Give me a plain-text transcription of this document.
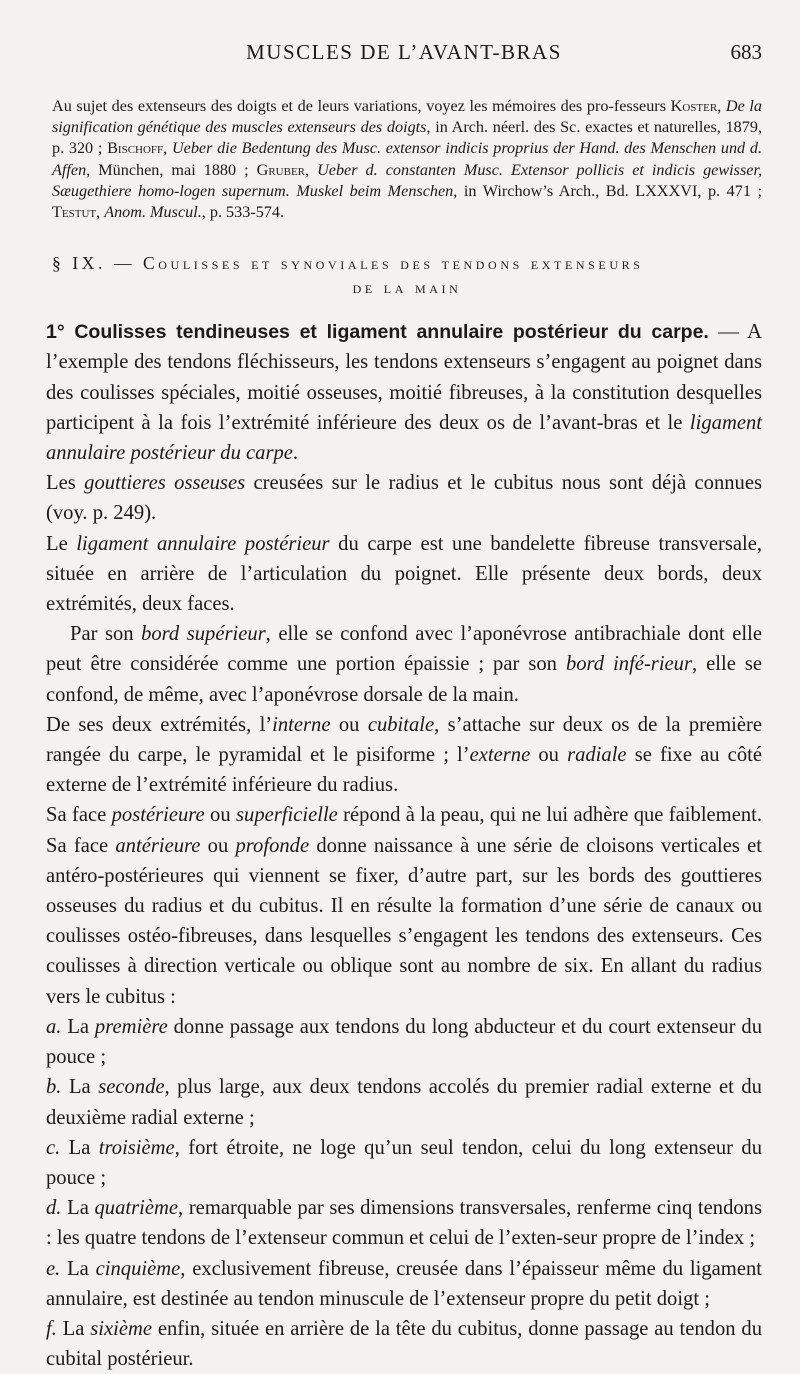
MUSCLES DE L’AVANT-BRAS	683
Au sujet des extenseurs des doigts et de leurs variations, voyez les mémoires des pro-fesseurs Koster, De la signification génétique des muscles extenseurs des doigts, in Arch. néerl. des Sc. exactes et naturelles, 1879, p. 320 ; Bischoff, Ueber die Bedentung des Musc. extensor indicis proprius der Hand. des Menschen und d. Affen, München, mai 1880 ; Gruber, Ueber d. constanten Musc. Extensor pollicis et indicis gewisser, Sæugethiere homo-logen supernum. Muskel beim Menschen, in Wirchow’s Arch., Bd. LXXXVI, p. 471 ; Testut, Anom. Muscul., p. 533-574.
§ IX. — Coulisses et synoviales des tendons extenseurs
de la main
1° Coulisses tendineuses et ligament annulaire postérieur du carpe. — A l’exemple des tendons fléchisseurs, les tendons extenseurs s’engagent au poignet dans des coulisses spéciales, moitié osseuses, moitié fibreuses, à la constitution desquelles participent à la fois l’extrémité inférieure des deux os de l’avant-bras et le ligament annulaire postérieur du carpe.

Les gouttieres osseuses creusées sur le radius et le cubitus nous sont déjà connues (voy. p. 249).

Le ligament annulaire postérieur du carpe est une bandelette fibreuse transversale, située en arrière de l’articulation du poignet. Elle présente deux bords, deux extrémités, deux faces.

Par son bord supérieur, elle se confond avec l’aponévrose antibrachiale dont elle peut être considérée comme une portion épaissie ; par son bord infé-rieur, elle se confond, de même, avec l’aponévrose dorsale de la main.

De ses deux extrémités, l’interne ou cubitale, s’attache sur deux os de la première rangée du carpe, le pyramidal et le pisiforme ; l’externe ou radiale se fixe au côté externe de l’extrémité inférieure du radius.

Sa face postérieure ou superficielle répond à la peau, qui ne lui adhère que faiblement. Sa face antérieure ou profonde donne naissance à une série de cloisons verticales et antéro-postérieures qui viennent se fixer, d’autre part, sur les bords des gouttieres osseuses du radius et du cubitus. Il en résulte la formation d’une série de canaux ou coulisses ostéo-fibreuses, dans lesquelles s’engagent les tendons des extenseurs. Ces coulisses à direction verticale ou oblique sont au nombre de six. En allant du radius vers le cubitus :

a. La première donne passage aux tendons du long abducteur et du court extenseur du pouce ;

b. La seconde, plus large, aux deux tendons accolés du premier radial externe et du deuxième radial externe ;

c. La troisième, fort étroite, ne loge qu’un seul tendon, celui du long extenseur du pouce ;

d. La quatrième, remarquable par ses dimensions transversales, renferme cinq tendons : les quatre tendons de l’extenseur commun et celui de l’exten-seur propre de l’index ;

e. La cinquième, exclusivement fibreuse, creusée dans l’épaisseur même du ligament annulaire, est destinée au tendon minuscule de l’extenseur propre du petit doigt ;

f. La sixième enfin, située en arrière de la tête du cubitus, donne passage au tendon du cubital postérieur.
